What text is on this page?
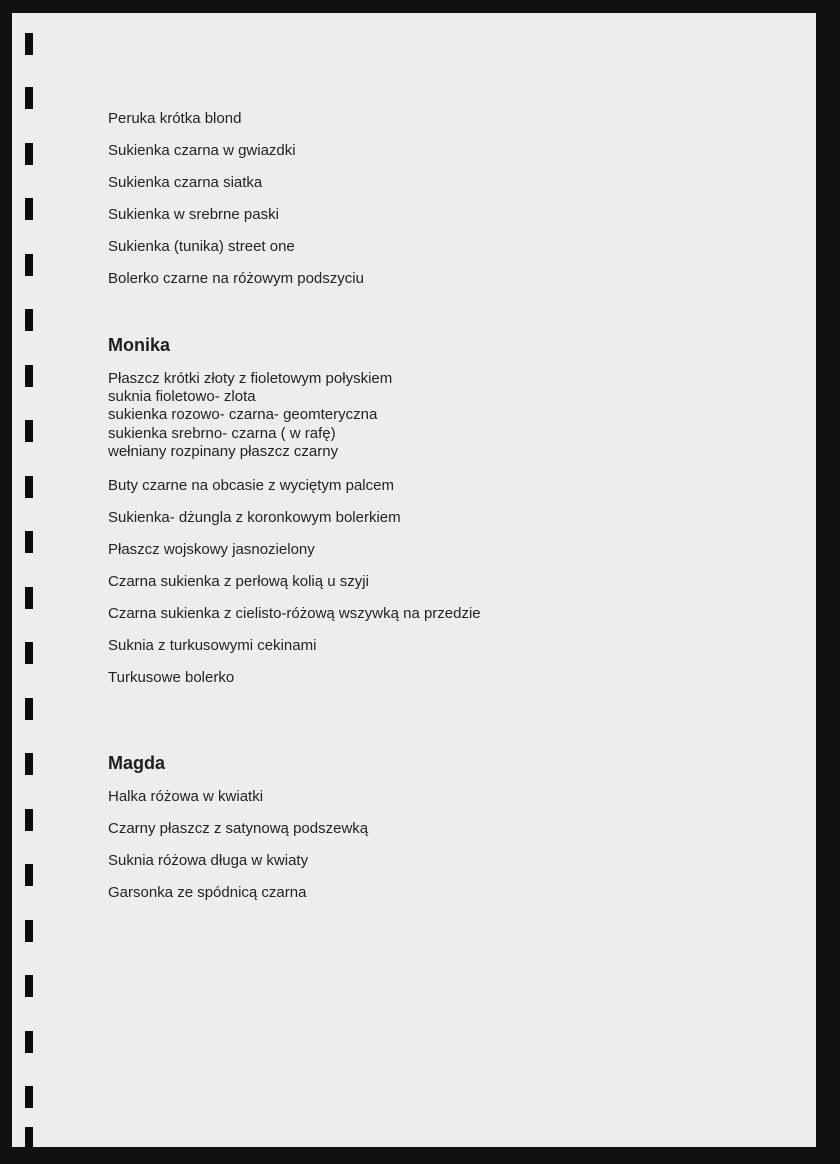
Peruka krótka blond
Sukienka czarna w gwiazdki
Sukienka czarna siatka
Sukienka w srebrne paski
Sukienka (tunika) street one
Bolerko czarne na różowym podszyciu
Monika
Płaszcz krótki złoty z fioletowym połyskiem
suknia fioletowo- zlota
sukienka rozowo- czarna- geomteryczna
sukienka srebrno- czarna ( w rafę)
wełniany rozpinany płaszcz czarny
Buty czarne na obcasie z wyciętym palcem
Sukienka- dżungla z koronkowym bolerkiem
Płaszcz wojskowy jasnozielony
Czarna sukienka z perłową kolią u szyji
Czarna sukienka z cielisto-różową wszywką na przedzie
Suknia z turkusowymi cekinami
Turkusowe bolerko
Magda
Halka różowa w kwiatki
Czarny płaszcz z satynową podszewką
Suknia różowa długa w kwiaty
Garsonka ze spódnicą czarna
